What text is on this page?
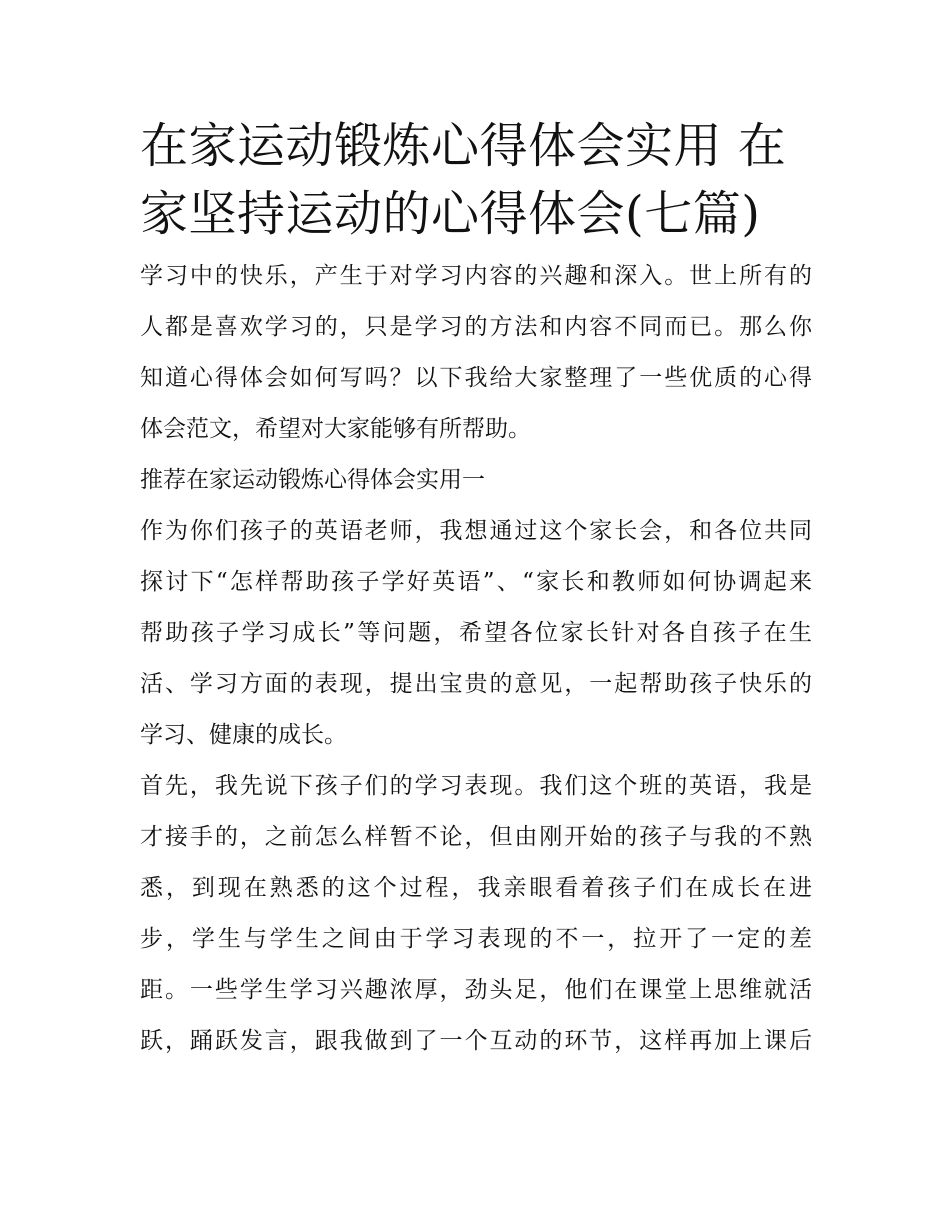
在家运动锻炼心得体会实用 在
家坚持运动的心得体会(七篇)
学习中的快乐，产生于对学习内容的兴趣和深入。世上所有的
人都是喜欢学习的，只是学习的方法和内容不同而已。那么你
知道心得体会如何写吗？以下我给大家整理了一些优质的心得
体会范文，希望对大家能够有所帮助。
推荐在家运动锻炼心得体会实用一
作为你们孩子的英语老师，我想通过这个家长会，和各位共同
探讨下“怎样帮助孩子学好英语”、“家长和教师如何协调起来
帮助孩子学习成长”等问题，希望各位家长针对各自孩子在生
活、学习方面的表现，提出宝贵的意见，一起帮助孩子快乐的
学习、健康的成长。
首先，我先说下孩子们的学习表现。我们这个班的英语，我是
才接手的，之前怎么样暂不论，但由刚开始的孩子与我的不熟
悉，到现在熟悉的这个过程，我亲眼看着孩子们在成长在进
步，学生与学生之间由于学习表现的不一，拉开了一定的差
距。一些学生学习兴趣浓厚，劲头足，他们在课堂上思维就活
跃，踊跃发言，跟我做到了一个互动的环节，这样再加上课后
